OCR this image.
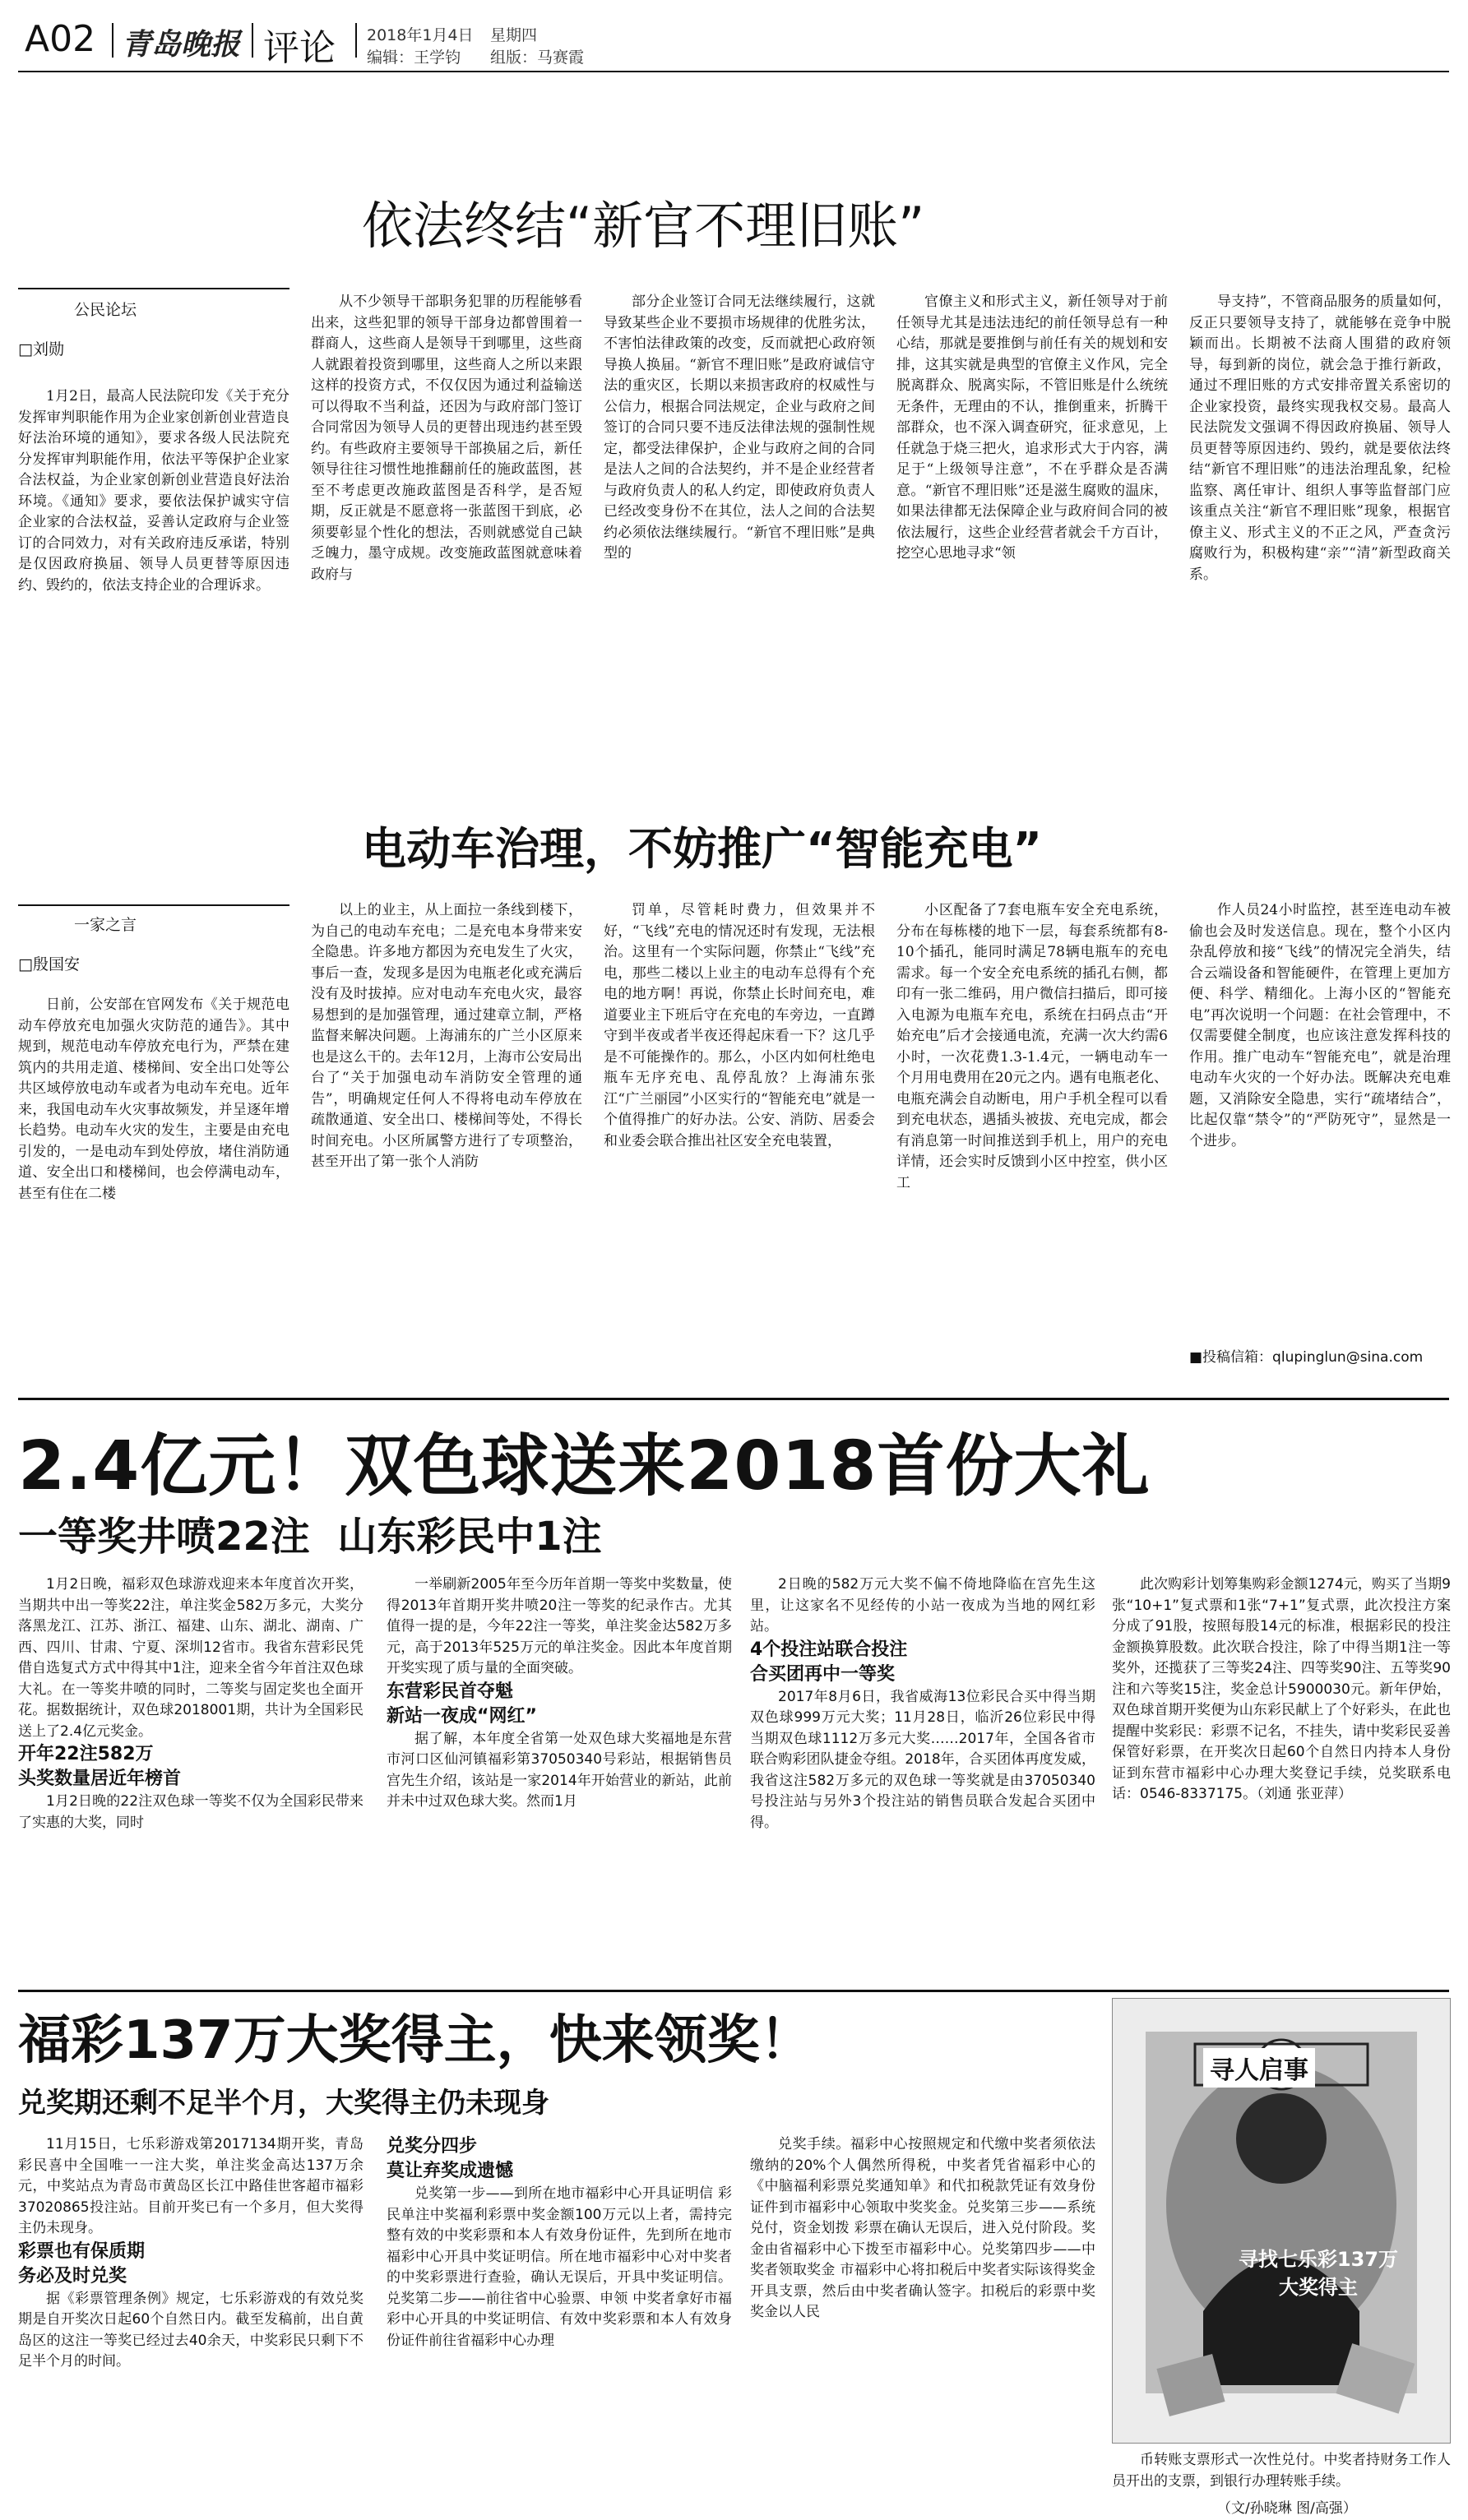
A02 青岛晚报 评论 2018年1月4日 星期四
编辑：王学钧 组版：马赛霞
依法终结“新官不理旧账”
公民论坛
□刘勋
1月2日，最高人民法院印发《关于充分发挥审判职能作用为企业家创新创业营造良好法治环境的通知》，要求各级人民法院充分发挥审判职能作用，依法平等保护企业家合法权益，为企业家创新创业营造良好法治环境。《通知》要求，要依法保护诚实守信企业家的合法权益，妥善认定政府与企业签订的合同效力，对有关政府违反承诺，特别是仅因政府换届、领导人员更替等原因违约、毁约的，依法支持企业的合理诉求。
从不少领导干部职务犯罪的历程能够看出来，这些犯罪的领导干部身边都曾围着一群商人，这些商人是领导干到哪里，这些商人就跟着投资到哪里，这些商人之所以来跟这样的投资方式，不仅仅因为通过利益输送可以得取不当利益，还因为与政府部门签订合同常因为领导人员的更替出现违约甚至毁约。有些政府主要领导干部换届之后，新任领导往往习惯性地推翻前任的施政蓝图，甚至不考虑更改施政蓝图是否科学，是否短期，反正就是不愿意将一张蓝图干到底，必须要彰显个性化的想法，否则就感觉自己缺乏魄力，墨守成规。改变施政蓝图就意味着政府与
部分企业签订合同无法继续履行，这就导致某些企业不要损市场规律的优胜劣汰，不害怕法律政策的改变，反而就把心政府领导换人换届。“新官不理旧账”是政府诚信守法的重灾区，长期以来损害政府的权威性与公信力，根据合同法规定，企业与政府之间签订的合同只要不违反法律法规的强制性规定，都受法律保护，企业与政府之间的合同是法人之间的合法契约，并不是企业经营者与政府负责人的私人约定，即使政府负责人已经改变身份不在其位，法人之间的合法契约必须依法继续履行。“新官不理旧账”是典型的
官僚主义和形式主义，新任领导对于前任领导尤其是违法违纪的前任领导总有一种心结，那就是要推倒与前任有关的规划和安排，这其实就是典型的官僚主义作风，完全脱离群众、脱离实际，不管旧账是什么统统无条件，无理由的不认，推倒重来，折腾干部群众，也不深入调查研究，征求意见，上任就急于烧三把火，追求形式大于内容，满足于“上级领导注意”，不在乎群众是否满意。“新官不理旧账”还是滋生腐败的温床，如果法律都无法保障企业与政府间合同的被依法履行，这些企业经营者就会千方百计，挖空心思地寻求“领
导支持”，不管商品服务的质量如何，反正只要领导支持了，就能够在竞争中脱颖而出。长期被不法商人围猎的政府领导，每到新的岗位，就会急于推行新政，通过不理旧账的方式安排帝置关系密切的企业家投资，最终实现我权交易。最高人民法院发文强调不得因政府换届、领导人员更替等原因违约、毁约，就是要依法终结“新官不理旧账”的违法治理乱象，纪检监察、离任审计、组织人事等监督部门应该重点关注“新官不理旧账”现象，根据官僚主义、形式主义的不正之风，严查贪污腐败行为，积极构建“亲”“清”新型政商关系。
电动车治理，不妨推广“智能充电”
一家之言
□殷国安
日前，公安部在官网发布《关于规范电动车停放充电加强火灾防范的通告》。其中规到，规范电动车停放充电行为，严禁在建筑内的共用走道、楼梯间、安全出口处等公共区域停放电动车或者为电动车充电。近年来，我国电动车火灾事故频发，并呈逐年增长趋势。电动车火灾的发生，主要是由充电引发的，一是电动车到处停放，堵住消防通道、安全出口和楼梯间，也会停满电动车，甚至有住在二楼
以上的业主，从上面拉一条线到楼下，为自己的电动车充电；二是充电本身带来安全隐患。许多地方都因为充电发生了火灾，事后一查，发现多是因为电瓶老化或充满后没有及时拔掉。应对电动车充电火灾，最容易想到的是加强管理，通过建章立制，严格监督来解决问题。上海浦东的广兰小区原来也是这么干的。去年12月，上海市公安局出台了“关于加强电动车消防安全管理的通告”，明确规定任何人不得将电动车停放在疏散通道、安全出口、楼梯间等处，不得长时间充电。小区所属警方进行了专项整治，甚至开出了第一张个人消防
罚单，尽管耗时费力，但效果并不好，“飞线”充电的情况还时有发现，无法根治。这里有一个实际问题，你禁止“飞线”充电，那些二楼以上业主的电动车总得有个充电的地方啊！再说，你禁止长时间充电，难道要业主下班后守在充电的车旁边，一直蹲守到半夜或者半夜还得起床看一下？这几乎是不可能操作的。那么，小区内如何杜绝电瓶车无序充电、乱停乱放？上海浦东张江“广兰丽园”小区实行的“智能充电”就是一个值得推广的好办法。公安、消防、居委会和业委会联合推出社区安全充电装置，
小区配备了7套电瓶车安全充电系统，分布在每栋楼的地下一层，每套系统都有8-10个插孔，能同时满足78辆电瓶车的充电需求。每一个安全充电系统的插孔右侧，都印有一张二维码，用户微信扫描后，即可接入电源为电瓶车充电，系统在扫码点击“开始充电”后才会接通电流，充满一次大约需6小时，一次花费1.3-1.4元，一辆电动车一个月用电费用在20元之内。遇有电瓶老化、电瓶充满会自动断电，用户手机全程可以看到充电状态，遇插头被拔、充电完成，都会有消息第一时间推送到手机上，用户的充电详情，还会实时反馈到小区中控室，供小区工
作人员24小时监控，甚至连电动车被偷也会及时发送信息。现在，整个小区内杂乱停放和接“飞线”的情况完全消失，结合云端设备和智能硬件，在管理上更加方便、科学、精细化。上海小区的“智能充电”再次说明一个问题：在社会管理中，不仅需要健全制度，也应该注意发挥科技的作用。推广电动车“智能充电”，就是治理电动车火灾的一个好办法。既解决充电难题，又消除安全隐患，实行“疏堵结合”，比起仅靠“禁令”的“严防死守”，显然是一个进步。
■投稿信箱：qlupinglun@sina.com
2.4亿元！双色球送来2018首份大礼
一等奖井喷22注  山东彩民中1注

1月2日晚，福彩双色球游戏迎来本年度首次开奖，当期共中出一等奖22注，单注奖金582万多元，大奖分落黑龙江、江苏、浙江、福建、山东、湖北、湖南、广西、四川、甘肃、宁夏、深圳12省市。我省东营彩民凭借自选复式方式中得其中1注，迎来全省今年首注双色球大礼。在一等奖井喷的同时，二等奖与固定奖也全面开花。据数据统计，双色球2018001期，共计为全国彩民送上了2.4亿元奖金。

开年22注582万
头奖数量居近年榜首

1月2日晚的22注双色球一等奖不仅为全国彩民带来了实惠的大奖，同时

一举刷新2005年至今历年首期一等奖中奖数量，使得2013年首期开奖井喷20注一等奖的纪录作古。尤其值得一提的是，今年22注一等奖，单注奖金达582万多元，高于2013年525万元的单注奖金。因此本年度首期开奖实现了质与量的全面突破。

东营彩民首夺魁
新站一夜成“网红”

据了解，本年度全省第一处双色球大奖福地是东营市河口区仙河镇福彩第37050340号彩站，根据销售员宫先生介绍，该站是一家2014年开始营业的新站，此前并未中过双色球大奖。然而1月

2日晚的582万元大奖不偏不倚地降临在宫先生这里，让这家名不见经传的小站一夜成为当地的网红彩站。

4个投注站联合投注
合买团再中一等奖

2017年8月6日，我省威海13位彩民合买中得当期双色球999万元大奖；11月28日，临沂26位彩民中得当期双色球1112万多元大奖……2017年，全国各省市联合购彩团队捷金夺组。2018年，合买团体再度发威，我省这注582万多元的双色球一等奖就是由37050340号投注站与另外3个投注站的销售员联合发起合买团中得。

此次购彩计划筹集购彩金额1274元，购买了当期9张“10+1”复式票和1张“7+1”复式票，此次投注方案分成了91股，按照每股14元的标准，根据彩民的投注金额换算股数。此次联合投注，除了中得当期1注一等奖外，还揽获了三等奖24注、四等奖90注、五等奖90注和六等奖15注，奖金总计5900030元。新年伊始，双色球首期开奖便为山东彩民献上了个好彩头，在此也提醒中奖彩民：彩票不记名，不挂失，请中奖彩民妥善保管好彩票，在开奖次日起60个自然日内持本人身份证到东营市福彩中心办理大奖登记手续，兑奖联系电话：0546-8337175。（刘通 张亚萍）
福彩137万大奖得主，快来领奖！
兑奖期还剩不足半个月，大奖得主仍未现身

11月15日，七乐彩游戏第2017134期开奖，青岛彩民喜中全国唯一一注大奖，单注奖金高达137万余元，中奖站点为青岛市黄岛区长江中路佳世客超市福彩37020865投注站。目前开奖已有一个多月，但大奖得主仍未现身。

彩票也有保质期
务必及时兑奖

据《彩票管理条例》规定，七乐彩游戏的有效兑奖期是自开奖次日起60个自然日内。截至发稿前，出自黄岛区的这注一等奖已经过去40余天，中奖彩民只剩下不足半个月的时间。

兑奖分四步
莫让弃奖成遗憾

兑奖第一步——到所在地市福彩中心开具证明信 彩民单注中奖福利彩票中奖金额100万元以上者，需持完整有效的中奖彩票和本人有效身份证件，先到所在地市福彩中心开具中奖证明信。所在地市福彩中心对中奖者的中奖彩票进行查验，确认无误后，开具中奖证明信。兑奖第二步——前往省中心验票、申领 中奖者拿好市福彩中心开具的中奖证明信、有效中奖彩票和本人有效身份证件前往省福彩中心办理

兑奖手续。福彩中心按照规定和代缴中奖者须依法缴纳的20%个人偶然所得税，中奖者凭省福彩中心的《中脑福利彩票兑奖通知单》和代扣税款凭证有效身份证件到市福彩中心领取中奖奖金。兑奖第三步——系统兑付，资金划拨 彩票在确认无误后，进入兑付阶段。奖金由省福彩中心下拨至市福彩中心。兑奖第四步——中奖者领取奖金 市福彩中心将扣税后中奖者实际该得奖金开具支票，然后由中奖者确认签字。扣税后的彩票中奖奖金以人民
寻人启事
寻找七乐彩137万
大奖得主
币转账支票形式一次性兑付。中奖者持财务工作人员开出的支票，到银行办理转账手续。
（文/孙晓琳 图/高强）
